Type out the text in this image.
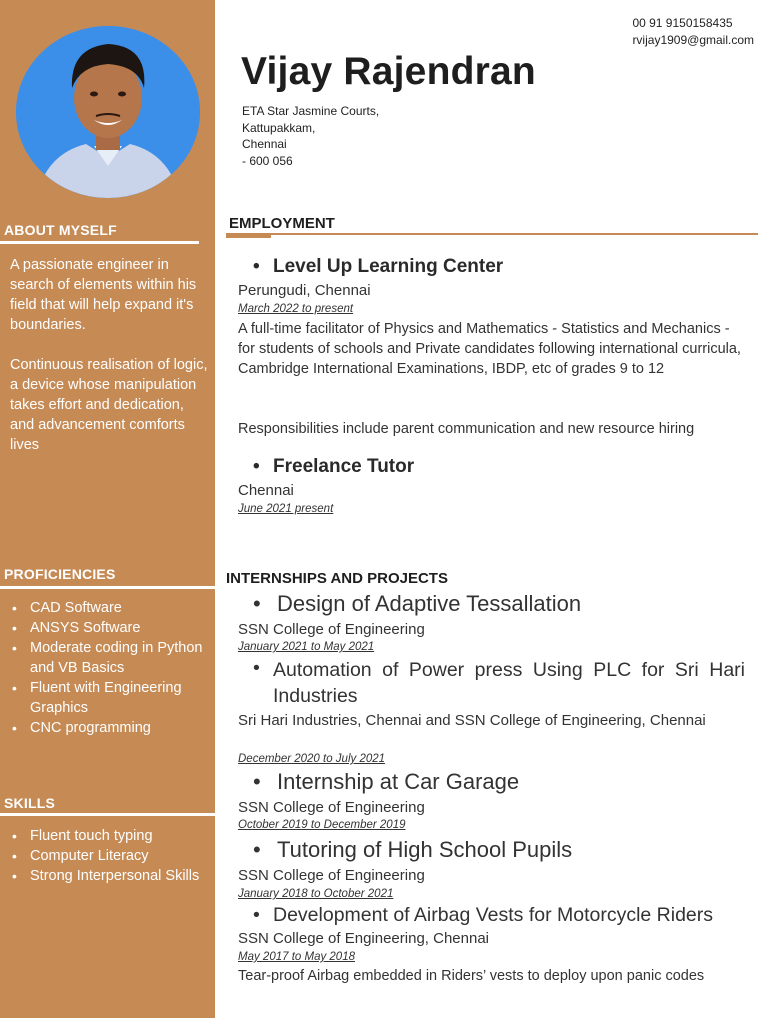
ABOUT MYSELF
A passionate engineer in search of elements within his field that will help expand it's boundaries.
Continuous realisation of logic, a device whose manipulation takes effort and dedication, and advancement comforts lives
PROFICIENCIES
• CAD Software
• ANSYS Software
• Moderate coding in Python and VB Basics
• Fluent with Engineering Graphics
• CNC programming
SKILLS
• Fluent touch typing
• Computer Literacy
• Strong Interpersonal Skills
00 91 9150158435
rvijay1909@gmail.com
Vijay Rajendran
ETA Star Jasmine Courts,
Kattupakkam,
Chennai
- 600 056
EMPLOYMENT
• Level Up Learning Center
Perungudi, Chennai
March 2022 to present
A full-time facilitator of Physics and Mathematics - Statistics and Mechanics - for students of schools and Private candidates following international curricula, Cambridge International Examinations, IBDP, etc of grades 9 to 12
Responsibilities include parent communication and new resource hiring
• Freelance Tutor
Chennai
June 2021 present
INTERNSHIPS AND PROJECTS
• Design of Adaptive Tessallation
SSN College of Engineering
January 2021 to May 2021
• Automation of Power press Using PLC for Sri Hari Industries
Sri Hari Industries, Chennai and SSN College of Engineering, Chennai
December 2020 to July 2021
• Internship at Car Garage
SSN College of Engineering
October 2019 to December 2019
• Tutoring of High School Pupils
SSN College of Engineering
January 2018 to October 2021
• Development of Airbag Vests for Motorcycle Riders
SSN College of Engineering, Chennai
May 2017 to May 2018
Tear-proof Airbag embedded in Riders’ vests to deploy upon panic codes
